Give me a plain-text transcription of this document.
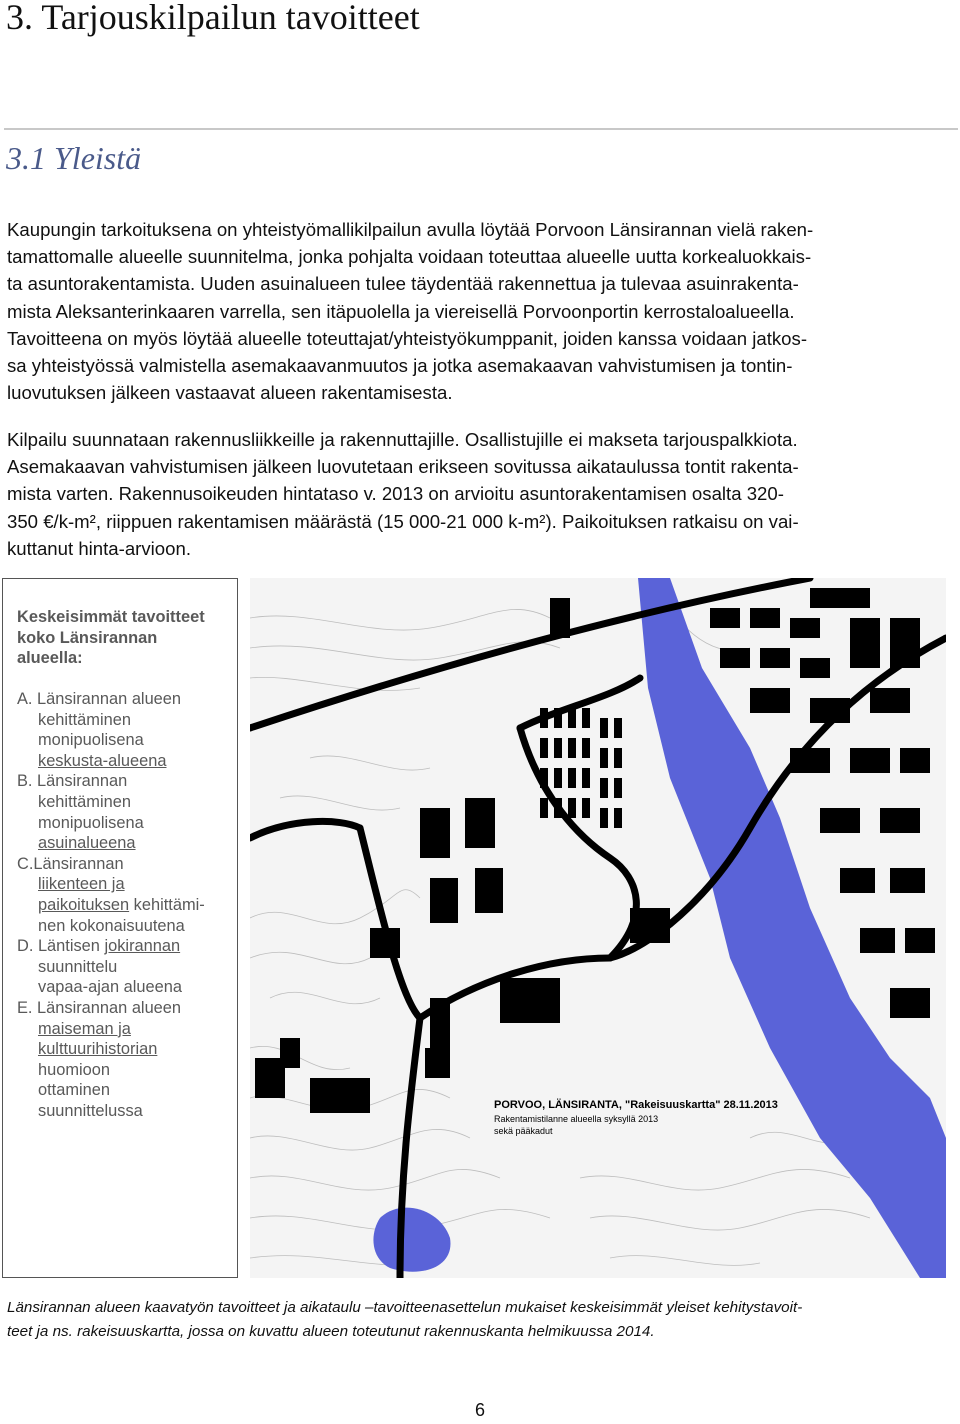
3. Tarjouskilpailun tavoitteet
3.1 Yleistä
Kaupungin tarkoituksena on yhteistyömallikilpailun avulla löytää Porvoon Länsirannan vielä raken-
tamattomalle alueelle suunnitelma, jonka pohjalta voidaan toteuttaa alueelle uutta korkealuokkais-
ta asuntorakentamista. Uuden asuinalueen tulee täydentää rakennettua ja tulevaa asuinrakenta-
mista Aleksanterinkaaren varrella, sen itäpuolella ja viereisellä Porvoonportin kerrostaloalueella.
Tavoitteena on myös löytää alueelle toteuttajat/yhteistyökumppanit, joiden kanssa voidaan jatkos-
sa yhteistyössä valmistella asemakaavanmuutos ja jotka asemakaavan vahvistumisen ja tontin-
luovutuksen jälkeen vastaavat alueen rakentamisesta.
Kilpailu suunnataan rakennusliikkeille ja rakennuttajille. Osallistujille ei makseta tarjouspalkkiota.
Asemakaavan vahvistumisen jälkeen luovutetaan erikseen sovitussa aikataulussa tontit rakenta-
mista varten. Rakennusoikeuden hintataso v. 2013 on arvioitu asuntorakentamisen osalta 320-
350 €/k-m², riippuen rakentamisen määrästä (15 000-21 000 k-m²). Paikoituksen ratkaisu on vai-
kuttanut hinta-arvioon.
Keskeisimmät tavoitteet
koko Länsirannan
alueella:
A. Länsirannan alueen
kehittäminen
monipuolisena
keskusta-alueena
B. Länsirannan
kehittäminen
monipuolisena
asuinalueena
C.Länsirannan
liikenteen ja
paikoituksen kehittämi-
nen kokonaisuutena
D. Läntisen jokirannan
suunnittelu
vapaa-ajan alueena
E. Länsirannan alueen
maiseman ja
kulttuurihistorian
huomioon
ottaminen
suunnittelussa	PORVOO, LÄNSIRANTA, "Rakeisuuskartta" 28.11.2013
Rakentamistilanne alueella syksyllä 2013
sekä pääkadut
Länsirannan alueen kaavatyön tavoitteet ja aikataulu –tavoitteenasettelun mukaiset keskeisimmät yleiset kehitystavoit-
teet ja ns. rakeisuuskartta, jossa on kuvattu alueen toteutunut rakennuskanta helmikuussa 2014.
6
